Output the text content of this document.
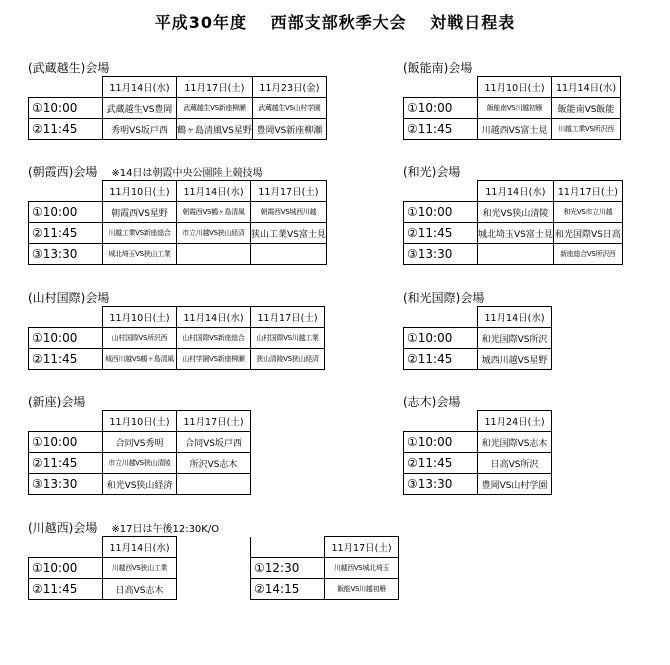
平成30年度　 西部支部秋季大会　 対戦日程表
(武蔵越生)会場
	11月14日(水)	11月17日(土)	11月23日(金)
①10:00	武蔵越生VS豊岡	武蔵越生VS新座柳瀬	武蔵越生VS山村学園
②11:45	秀明VS坂戸西	鶴ヶ島清風VS星野	豊岡VS新座柳瀬
(飯能南)会場
	11月10日(土)	11月14日(水)
①10:00	飯能南VS川越初雁	飯能南VS飯能
②11:45	川越西VS富士見	川越工業VS所沢西
(朝霞西)会場 ※14日は朝霞中央公園陸上競技場
	11月10日(土)	11月14日(水)	11月17日(土)
①10:00	朝霞西VS星野	朝霞西VS鶴ヶ島清風	朝霞西VS城西川越
②11:45	川越工業VS新座総合	市立川越VS狭山経済	狭山工業VS富士見
③13:30	城北埼玉VS狭山工業		
(和光)会場
	11月14日(水)	11月17日(土)
①10:00	和光VS狭山清陵	和光VS市立川越
②11:45	城北埼玉VS富士見	和光国際VS日高
③13:30		新座総合VS所沢西
(山村国際)会場
	11月10日(土)	11月14日(水)	11月17日(土)
①10:00	山村国際VS所沢西	山村国際VS新座総合	山村国際VS川越工業
②11:45	城西川越VS鶴ヶ島清風	山村学園VS新座柳瀬	狭山清陵VS狭山経済
(和光国際)会場
	11月14日(水)
①10:00	和光国際VS所沢
②11:45	城西川越VS星野
(新座)会場
	11月10日(土)	11月17日(土)
①10:00	合同VS秀明	合同VS坂戸西
②11:45	市立川越VS狭山清陵	所沢VS志木
③13:30	和光VS狭山経済	
(志木)会場
	11月24日(土)
①10:00	和光国際VS志木
②11:45	日高VS所沢
③13:30	豊岡VS山村学園
(川越西)会場 ※17日は午後12:30K/O
	11月14日(水)			11月17日(土)
①10:00	川越西VS狭山工業		①12:30	川越西VS城北埼玉
②11:45	日高VS志木		②14:15	飯能VS川越初雁
